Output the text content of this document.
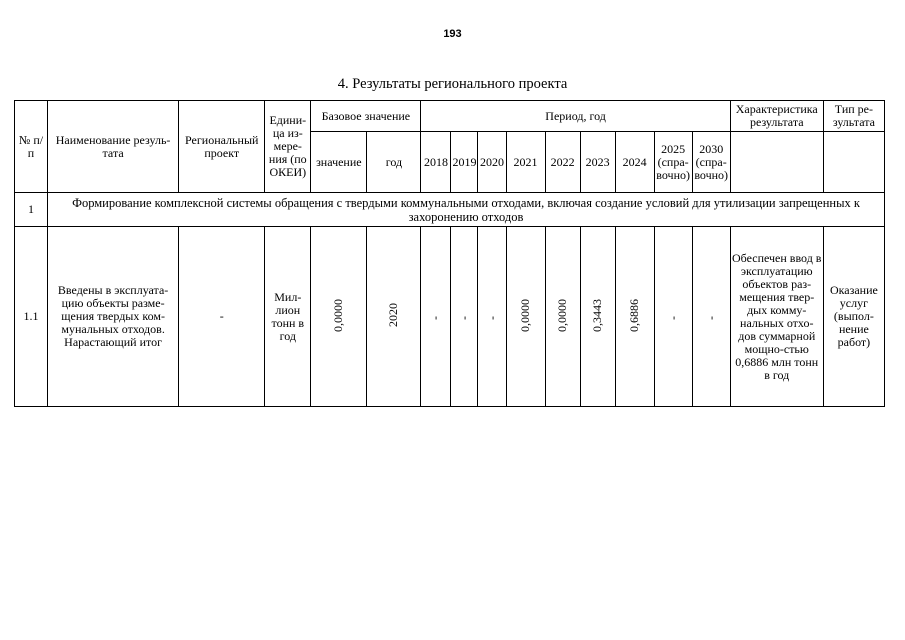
193
4. Результаты регионального проекта
№ п/п	Наименование резуль-тата	Региональный проект	Едини-ца из-мере-ния (по ОКЕИ)	Базовое значение		Период, год									Характеристика результата	Тип ре-зультата
				значение	год	2018	2019	2020	2021	2022	2023	2024	2025 (спра-вочно)	2030 (спра-вочно)		
1	Формирование комплексной системы обращения с твердыми коммунальными отходами, включая создание условий для утилизации запрещенных к захоронению отходов															
1.1	Введены в эксплуата-цию объекты разме-щения твердых ком-мунальных отходов. Нарастающий итог	-	Мил-лион тонн в год	0,0000	2020	-	-	-	0,0000	0,0000	0,3443	0,6886	-	-	Обеспечен ввод в эксплуатацию объектов раз-мещения твер-дых комму-нальных отхо-дов суммарной мощно-стью 0,6886 млн тонн в год	Оказание услуг (выпол-нение работ)
